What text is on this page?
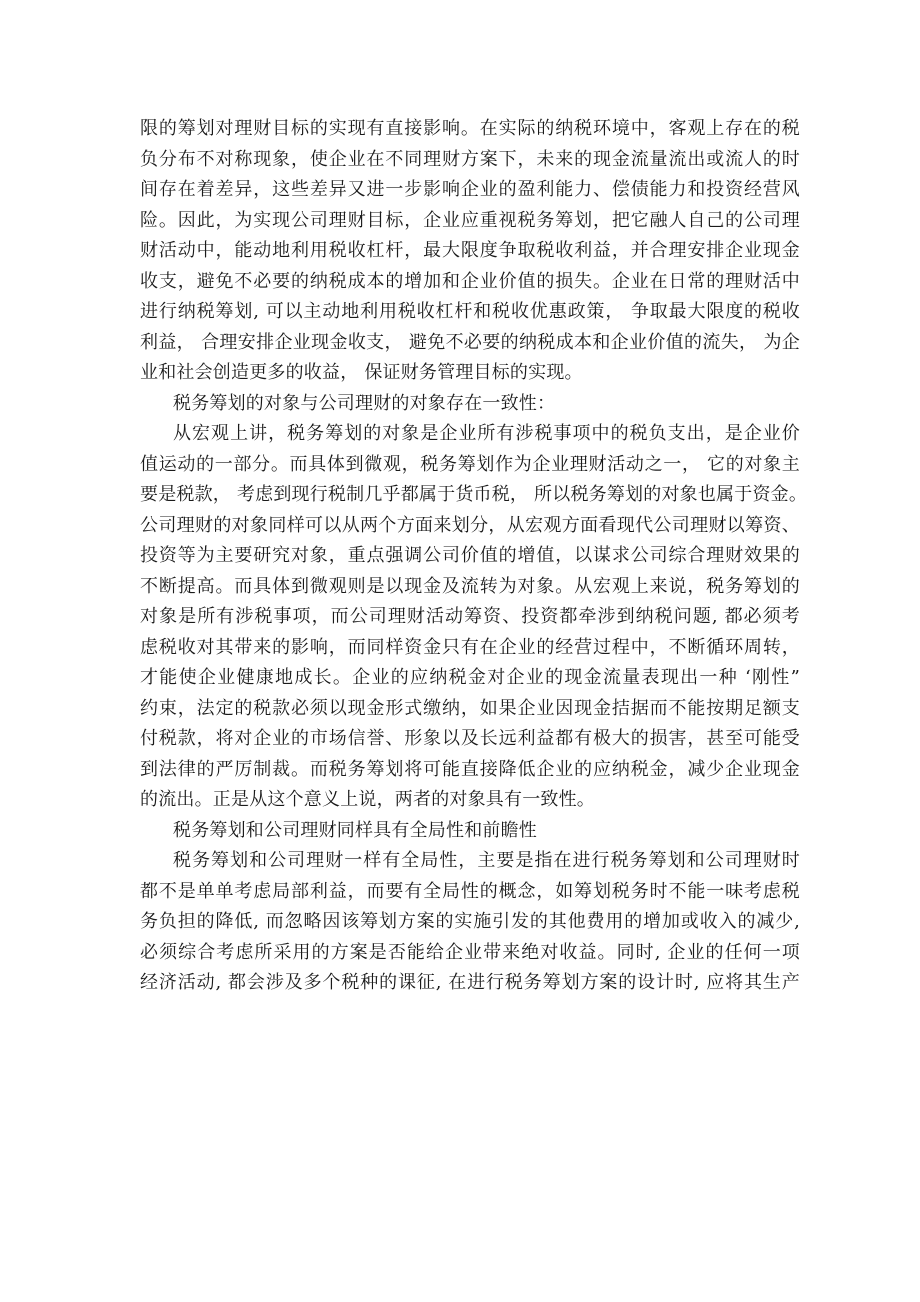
限的筹划对理财目标的实现有直接影响。在实际的纳税环境中，客观上存在的税
负分布不对称现象，使企业在不同理财方案下，未来的现金流量流出或流人的时
间存在着差异，这些差异又进一步影响企业的盈利能力、偿债能力和投资经营风
险。因此，为实现公司理财目标，企业应重视税务筹划，把它融人自己的公司理
财活动中，能动地利用税收杠杆，最大限度争取税收利益，并合理安排企业现金
收支，避免不必要的纳税成本的增加和企业价值的损失。企业在日常的理财活中
进行纳税筹划, 可以主动地利用税收杠杆和税收优惠政策， 争取最大限度的税收
利益， 合理安排企业现金收支， 避免不必要的纳税成本和企业价值的流失， 为企
业和社会创造更多的收益， 保证财务管理目标的实现。
税务筹划的对象与公司理财的对象存在一致性：
从宏观上讲，税务筹划的对象是企业所有涉税事项中的税负支出，是企业价
值运动的一部分。而具体到微观，税务筹划作为企业理财活动之一， 它的对象主
要是税款， 考虑到现行税制几乎都属于货币税， 所以税务筹划的对象也属于资金。
公司理财的对象同样可以从两个方面来划分，从宏观方面看现代公司理财以筹资、
投资等为主要研究对象，重点强调公司价值的增值，以谋求公司综合理财效果的
不断提高。而具体到微观则是以现金及流转为对象。从宏观上来说，税务筹划的
对象是所有涉税事项，而公司理财活动筹资、投资都牵涉到纳税问题, 都必须考
虑税收对其带来的影响，而同样资金只有在企业的经营过程中，不断循环周转，
才能使企业健康地成长。企业的应纳税金对企业的现金流量表现出一种 ‘刚性”
约束，法定的税款必须以现金形式缴纳，如果企业因现金拮据而不能按期足额支
付税款，将对企业的市场信誉、形象以及长远利益都有极大的损害，甚至可能受
到法律的严厉制裁。而税务筹划将可能直接降低企业的应纳税金，减少企业现金
的流出。正是从这个意义上说，两者的对象具有一致性。
税务筹划和公司理财同样具有全局性和前瞻性
税务筹划和公司理财一样有全局性，主要是指在进行税务筹划和公司理财时
都不是单单考虑局部利益，而要有全局性的概念，如筹划税务时不能一味考虑税
务负担的降低, 而忽略因该筹划方案的实施引发的其他费用的增加或收入的减少,
必须综合考虑所采用的方案是否能给企业带来绝对收益。同时, 企业的任何一项
经济活动, 都会涉及多个税种的课征, 在进行税务筹划方案的设计时, 应将其生产
